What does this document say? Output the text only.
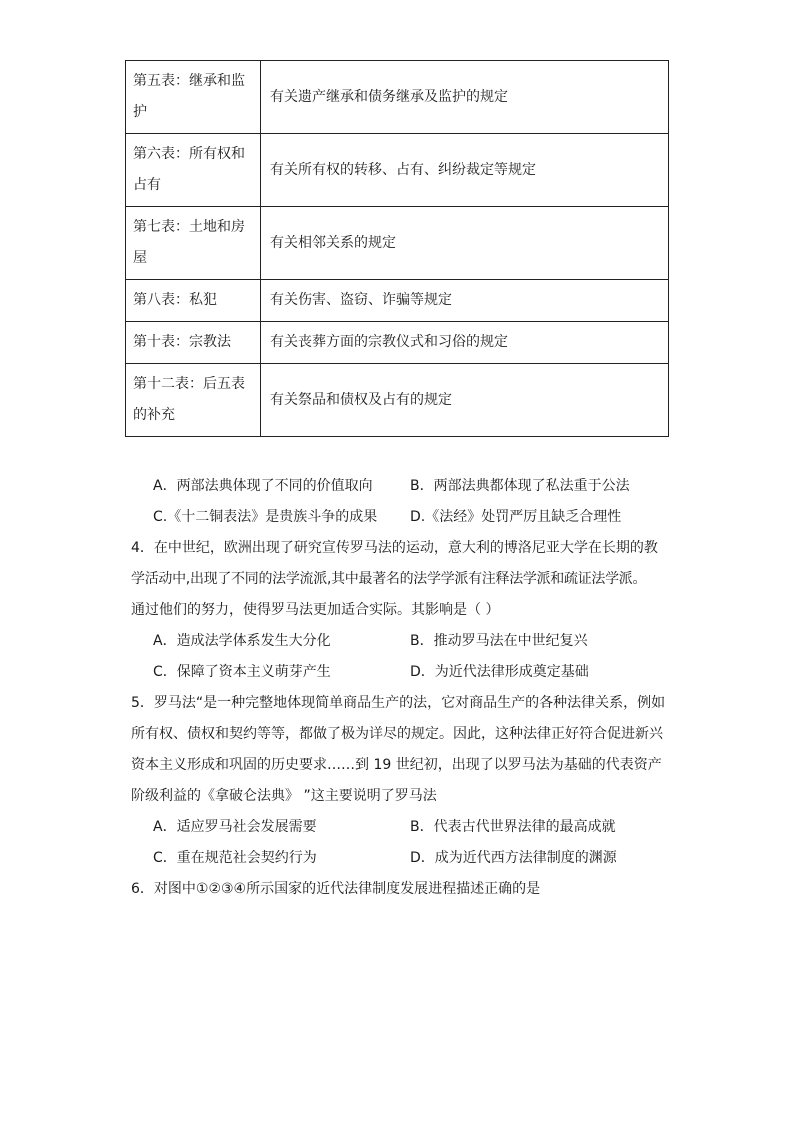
第五表：继承和监
护	有关遗产继承和债务继承及监护的规定
第六表：所有权和
占有	有关所有权的转移、占有、纠纷裁定等规定
第七表：土地和房
屋	有关相邻关系的规定
第八表：私犯	有关伤害、盗窃、诈骗等规定
第十表：宗教法	有关丧葬方面的宗教仪式和习俗的规定
第十二表：后五表
的补充	有关祭品和债权及占有的规定
A．两部法典体现了不同的价值取向	B．两部法典都体现了私法重于公法
C.《十二铜表法》是贵族斗争的成果 D.《法经》处罚严厉且缺乏合理性
4．在中世纪，欧洲出现了研究宣传罗马法的运动，意大利的博洛尼亚大学在长期的教
学活动中,出现了不同的法学流派,其中最著名的法学学派有注释法学派和疏证法学派。
通过他们的努力，使得罗马法更加适合实际。其影响是（ ）
A．造成法学体系发生大分化	B．推动罗马法在中世纪复兴
C．保障了资本主义萌芽产生	D．为近代法律形成奠定基础
5．罗马法“是一种完整地体现简单商品生产的法，它对商品生产的各种法律关系，例如
所有权、债权和契约等等，都做了极为详尽的规定。因此，这种法律正好符合促进新兴
资本主义形成和巩固的历史要求……到 19 世纪初，出现了以罗马法为基础的代表资产
阶级利益的《拿破仑法典》 ”这主要说明了罗马法
A．适应罗马社会发展需要	B．代表古代世界法律的最高成就
C．重在规范社会契约行为	D．成为近代西方法律制度的渊源
6．对图中①②③④所示国家的近代法律制度发展进程描述正确的是
